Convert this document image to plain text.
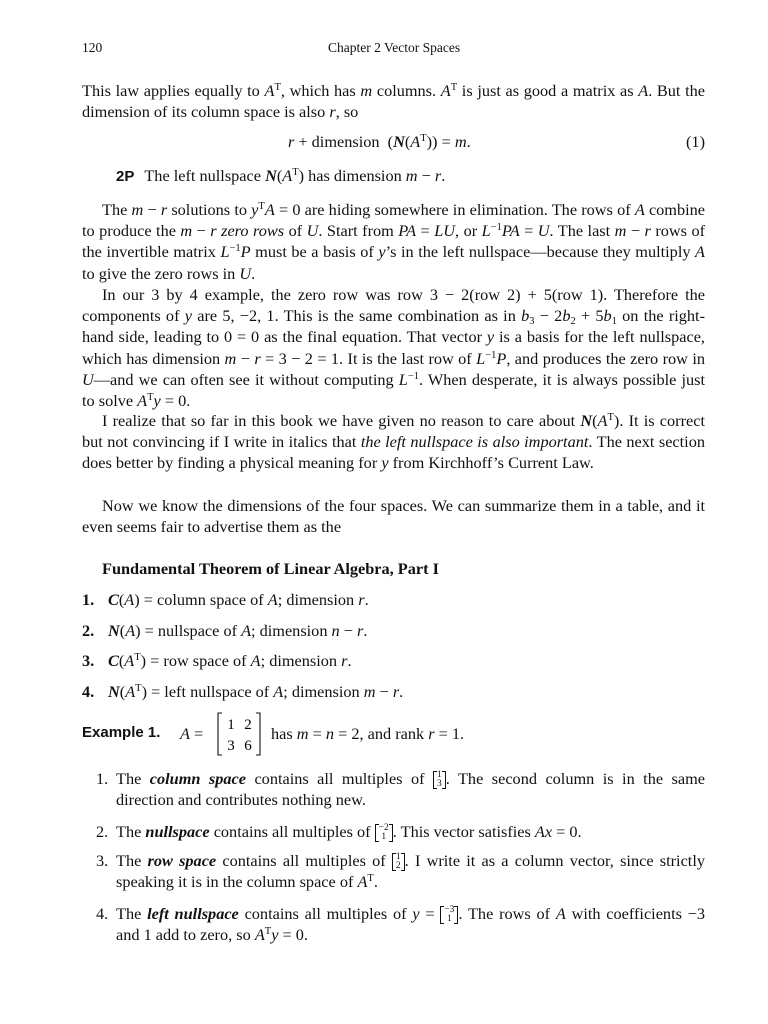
120	Chapter 2 Vector Spaces
This law applies equally to $A^T$, which has m columns. $A^T$ is just as good a matrix as A. But the dimension of its column space is also r, so
r + dimension  $(N(A^T)) = m$.	(1)
2P The left nullspace $N(A^T)$ has dimension m − r.
The m − r solutions to $y^TA = 0$ are hiding somewhere in elimination. The rows of A combine to produce the m − r zero rows of U. Start from PA = LU, or $L^{-1}PA = U$. The last m − r rows of the invertible matrix $L^{-1}P$ must be a basis of y’s in the left nullspace—because they multiply A to give the zero rows in U.
In our 3 by 4 example, the zero row was row 3 − 2(row 2) + 5(row 1). Therefore the components of y are 5, −2, 1. This is the same combination as in $b_3 - 2b_2 + 5b_1$ on the right-hand side, leading to 0 = 0 as the final equation. That vector y is a basis for the left nullspace, which has dimension m − r = 3 − 2 = 1. It is the last row of $L^{-1}P$, and produces the zero row in U—and we can often see it without computing $L^{-1}$. When desperate, it is always possible just to solve $A^Ty = 0$.
I realize that so far in this book we have given no reason to care about $N(A^T)$. It is correct but not convincing if I write in italics that the left nullspace is also important. The next section does better by finding a physical meaning for y from Kirchhoff’s Current Law.
Now we know the dimensions of the four spaces. We can summarize them in a table, and it even seems fair to advertise them as the
Fundamental Theorem of Linear Algebra, Part I
1. C(A) = column space of A; dimension r.
2. N(A) = nullspace of A; dimension n − r.
3. $C(A^T)$ = row space of A; dimension r.
4. $N(A^T)$ = left nullspace of A; dimension m − r.
Example 1. A = 1 2
3 6
has m = n = 2, and rank r = 1.
1. The column space contains all multiples of 1
3 . The second column is in the same direction and contributes nothing new.
2. The nullspace contains all multiples of −2
1 . This vector satisfies Ax = 0.
3. The row space contains all multiples of 1
2 . I write it as a column vector, since strictly speaking it is in the column space of $A^T$.
4. The left nullspace contains all multiples of y = −3
1 . The rows of A with coefficients −3 and 1 add to zero, so $A^Ty = 0$.
